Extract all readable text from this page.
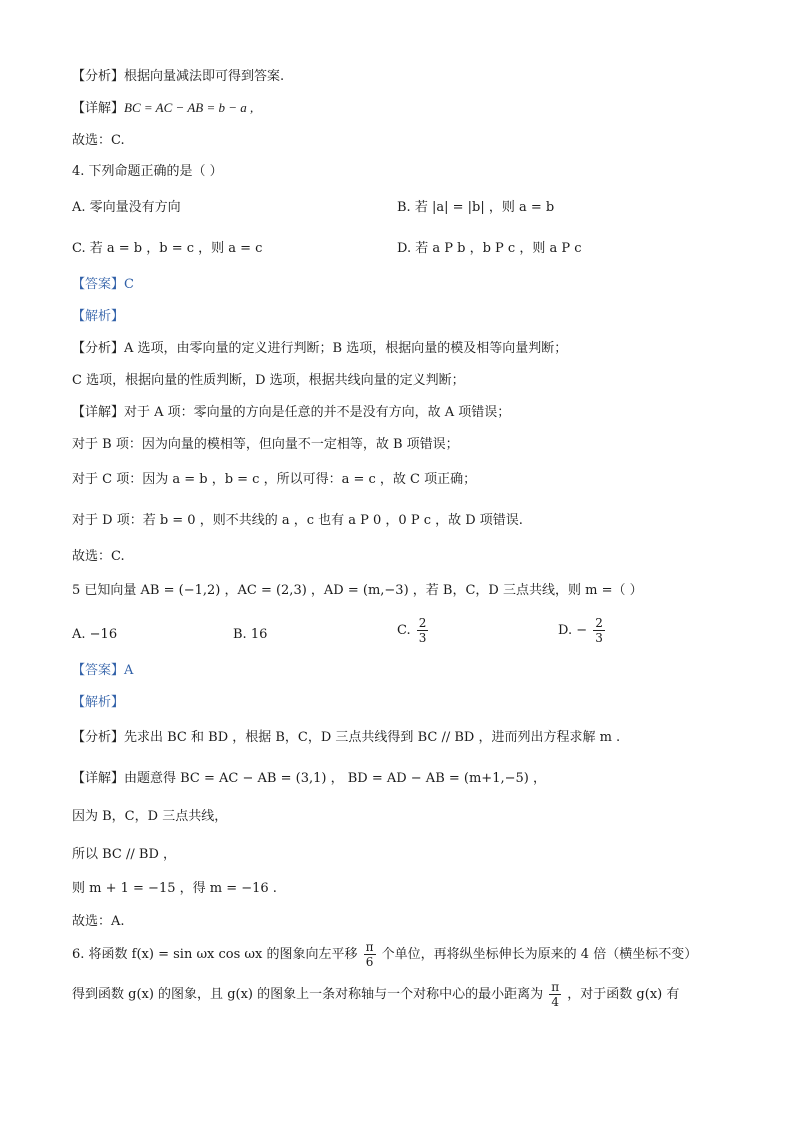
【分析】根据向量减法即可得到答案.
【详解】BC = AC − AB = b − a ,
故选：C.
4. 下列命题正确的是（ ）
A. 零向量没有方向	B. 若 |a| = |b| ，则 a = b
C. 若 a = b ，b = c ，则 a = c	D. 若 a P b ，b P c ，则 a P c
【答案】C
【解析】
【分析】A 选项，由零向量的定义进行判断；B 选项，根据向量的模及相等向量判断；
C 选项，根据向量的性质判断，D 选项，根据共线向量的定义判断；
【详解】对于 A 项：零向量的方向是任意的并不是没有方向，故 A 项错误；
对于 B 项：因为向量的模相等，但向量不一定相等，故 B 项错误；
对于 C 项：因为 a = b ，b = c ，所以可得：a = c ，故 C 项正确；
对于 D 项：若 b = 0 ，则不共线的 a ，c 也有 a P 0 ，0 P c ，故 D 项错误.
故选：C.
5 已知向量 AB = (−1,2) ，AC = (2,3) ，AD = (m,−3) ，若 B，C，D 三点共线，则 m =（ ）
A. −16	B. 16	C. $\frac{2}{3}$	D. − $\frac{2}{3}$
【答案】A
【解析】
【分析】先求出 BC 和 BD ，根据 B，C，D 三点共线得到 BC // BD ，进而列出方程求解 m .
【详解】由题意得 BC = AC − AB = (3,1) ， BD = AD − AB = (m+1,−5) ，
因为 B，C，D 三点共线，
所以 BC // BD ，
则 m + 1 = −15 ，得 m = −16 .
故选：A.
6. 将函数 f(x) = sin ωx cos ωx 的图象向左平移 $\frac{\pi}{6}$ 个单位，再将纵坐标伸长为原来的 4 倍（横坐标不变）
得到函数 g(x) 的图象，且 g(x) 的图象上一条对称轴与一个对称中心的最小距离为 $\frac{\pi}{4}$ ，对于函数 g(x) 有
